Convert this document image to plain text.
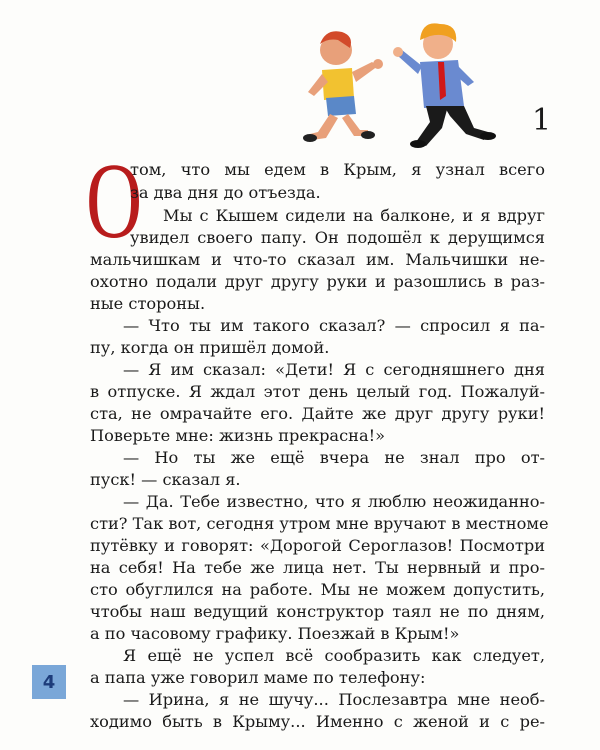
1
О
том, что мы едем в Крым, я узнал всего
за два дня до отъезда.
Мы с Кышем сидели на балконе, и я вдруг
увидел своего папу. Он подошёл к дерущимся
мальчишкам и что-то сказал им. Мальчишки не-
охотно подали друг другу руки и разошлись в раз-
ные стороны.
— Что ты им такого сказал? — спросил я па-
пу, когда он пришёл домой.
— Я им сказал: «Дети! Я с сегодняшнего дня
в отпуске. Я ждал этот день целый год. Пожалуй-
ста, не омрачайте его. Дайте же друг другу руки!
Поверьте мне: жизнь прекрасна!»
— Но ты же ещё вчера не знал про от-
пуск! — сказал я.
— Да. Тебе известно, что я люблю неожиданно-
сти? Так вот, сегодня утром мне вручают в местноме
путёвку и говорят: «Дорогой Сероглазов! Посмотри
на себя! На тебе же лица нет. Ты нервный и про-
сто обуглился на работе. Мы не можем допустить,
чтобы наш ведущий конструктор таял не по дням,
а по часовому графику. Поезжай в Крым!»
Я ещё не успел всё сообразить как следует,
а папа уже говорил маме по телефону:
— Ирина, я не шучу... Послезавтра мне необ-
ходимо быть в Крыму... Именно с женой и с ре-
4
